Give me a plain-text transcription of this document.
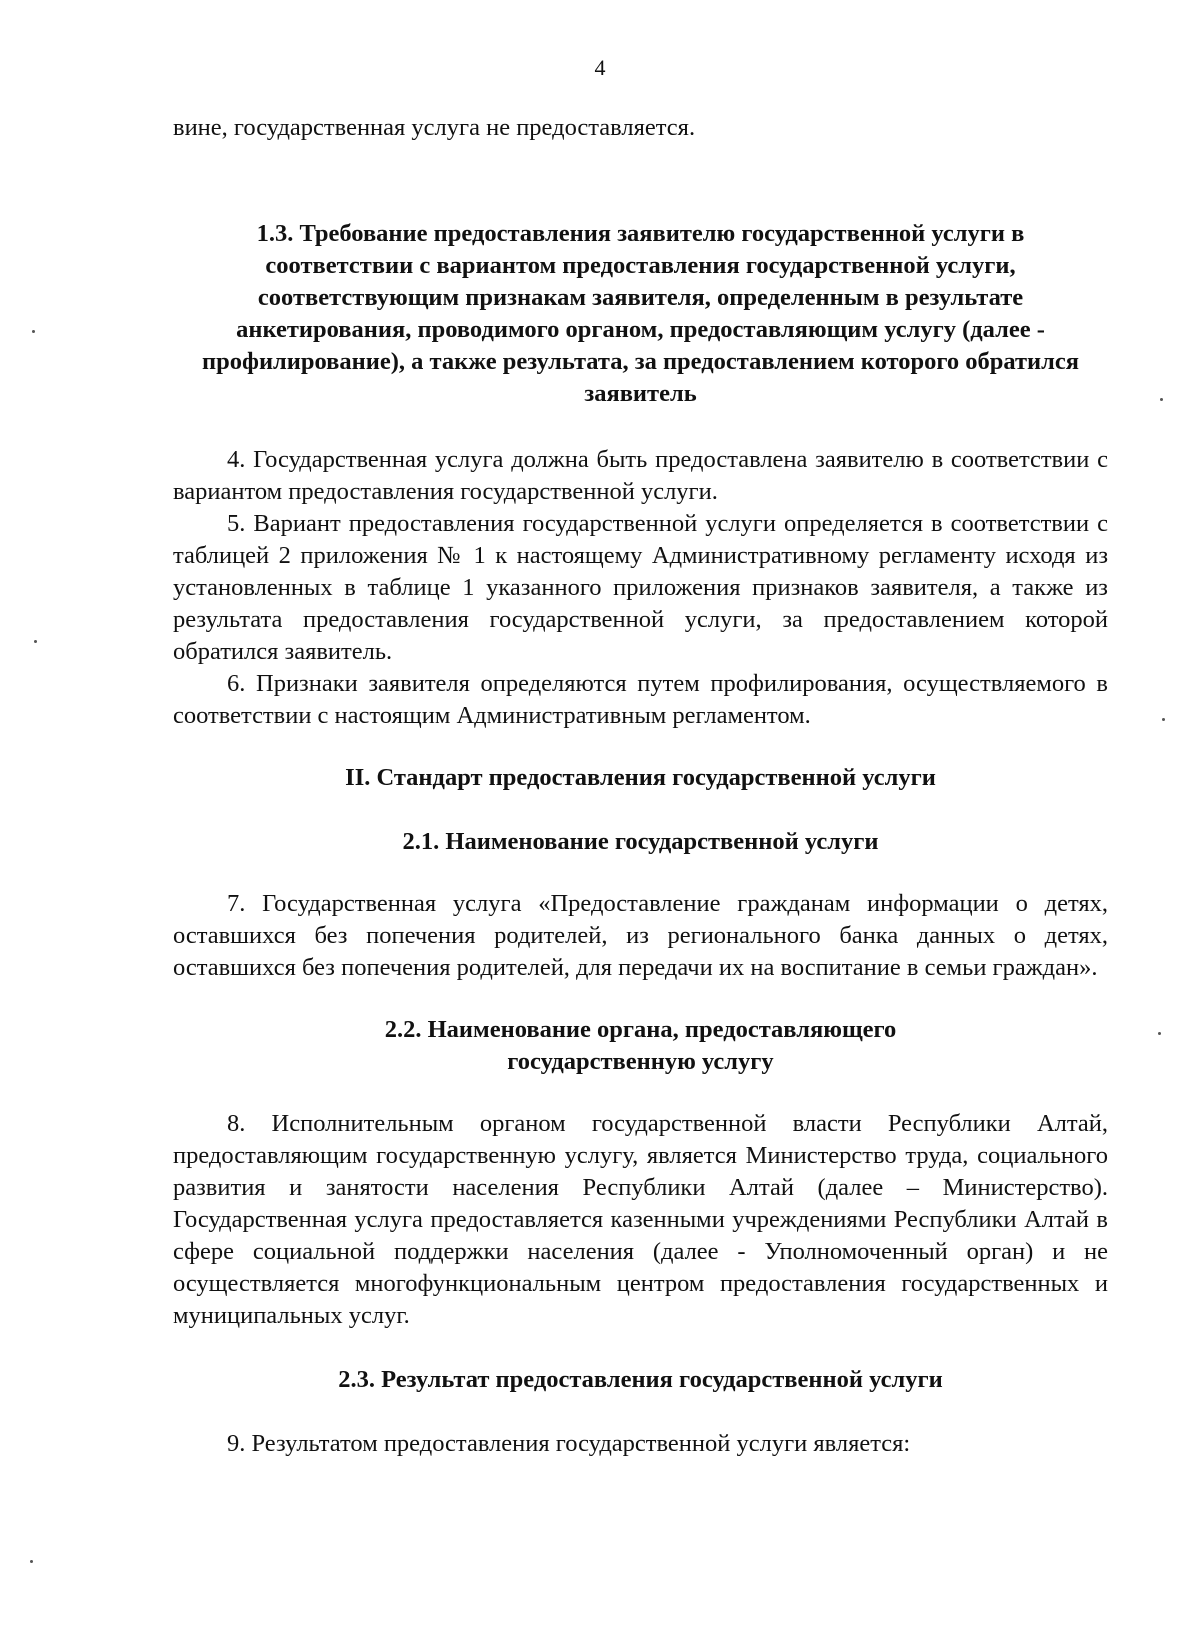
4

вине, государственная услуга не предоставляется.

1.3. Требование предоставления заявителю государственной услуги в соответствии с вариантом предоставления государственной услуги, соответствующим признакам заявителя, определенным в результате анкетирования, проводимого органом, предоставляющим услугу (далее - профилирование), а также результата, за предоставлением которого обратился заявитель

4. Государственная услуга должна быть предоставлена заявителю в соответствии с вариантом предоставления государственной услуги.

5. Вариант предоставления государственной услуги определяется в соответствии с таблицей 2 приложения № 1 к настоящему Административному регламенту исходя из установленных в таблице 1 указанного приложения признаков заявителя, а также из результата предоставления государственной услуги, за предоставлением которой обратился заявитель.

6. Признаки заявителя определяются путем профилирования, осуществляемого в соответствии с настоящим Административным регламентом.

II. Стандарт предоставления государственной услуги

2.1. Наименование государственной услуги

7. Государственная услуга «Предоставление гражданам информации о детях, оставшихся без попечения родителей, из регионального банка данных о детях, оставшихся без попечения родителей, для передачи их на воспитание в семьи граждан».

2.2. Наименование органа, предоставляющего

государственную услугу

8. Исполнительным органом государственной власти Республики Алтай, предоставляющим государственную услугу, является Министерство труда, социального развития и занятости населения Республики Алтай (далее – Министерство). Государственная услуга предоставляется казенными учреждениями Республики Алтай в сфере социальной поддержки населения (далее - Уполномоченный орган) и не осуществляется многофункциональным центром предоставления государственных и муниципальных услуг.

2.3. Результат предоставления государственной услуги

9. Результатом предоставления государственной услуги является:
